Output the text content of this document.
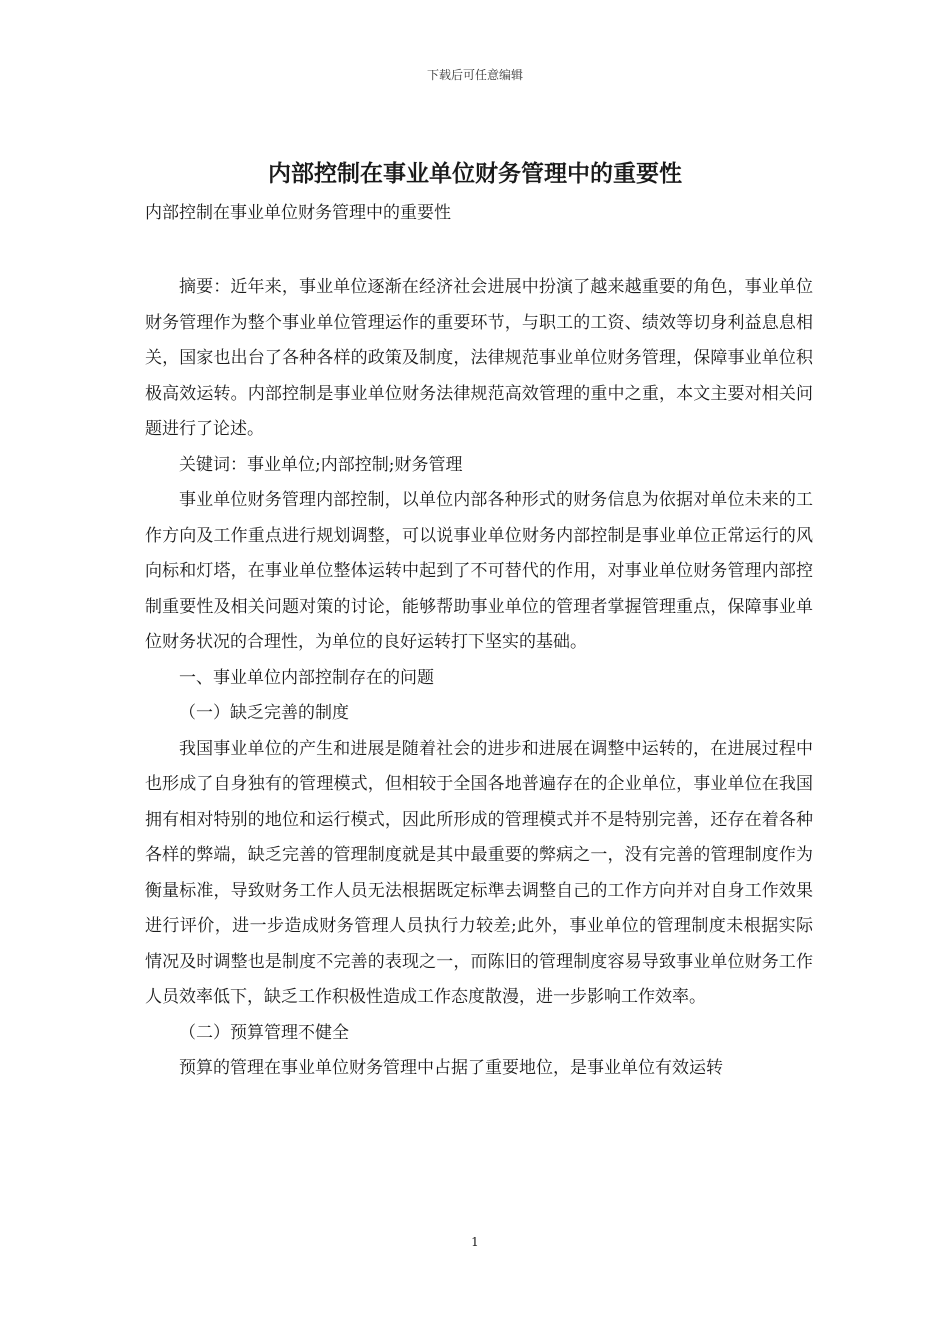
下载后可任意编辑
内部控制在事业单位财务管理中的重要性
内部控制在事业单位财务管理中的重要性

摘要：近年来，事业单位逐渐在经济社会进展中扮演了越来越重要的角色，事业单位财务管理作为整个事业单位管理运作的重要环节，与职工的工资、绩效等切身利益息息相关，国家也出台了各种各样的政策及制度，法律规范事业单位财务管理，保障事业单位积极高效运转。内部控制是事业单位财务法律规范高效管理的重中之重，本文主要对相关问题进行了论述。

关键词：事业单位;内部控制;财务管理

事业单位财务管理内部控制，以单位内部各种形式的财务信息为依据对单位未来的工作方向及工作重点进行规划调整，可以说事业单位财务内部控制是事业单位正常运行的风向标和灯塔，在事业单位整体运转中起到了不可替代的作用，对事业单位财务管理内部控制重要性及相关问题对策的讨论，能够帮助事业单位的管理者掌握管理重点，保障事业单位财务状况的合理性，为单位的良好运转打下坚实的基础。

一、事业单位内部控制存在的问题

（一）缺乏完善的制度

我国事业单位的产生和进展是随着社会的进步和进展在调整中运转的，在进展过程中也形成了自身独有的管理模式，但相较于全国各地普遍存在的企业单位，事业单位在我国拥有相对特别的地位和运行模式，因此所形成的管理模式并不是特别完善，还存在着各种各样的弊端，缺乏完善的管理制度就是其中最重要的弊病之一，没有完善的管理制度作为衡量标准，导致财务工作人员无法根据既定标準去调整自己的工作方向并对自身工作效果进行评价，进一步造成财务管理人员执行力较差;此外，事业单位的管理制度未根据实际情况及时调整也是制度不完善的表现之一，而陈旧的管理制度容易导致事业单位财务工作人员效率低下，缺乏工作积极性造成工作态度散漫，进一步影响工作效率。

（二）预算管理不健全

预算的管理在事业单位财务管理中占据了重要地位，是事业单位有效运转

1
